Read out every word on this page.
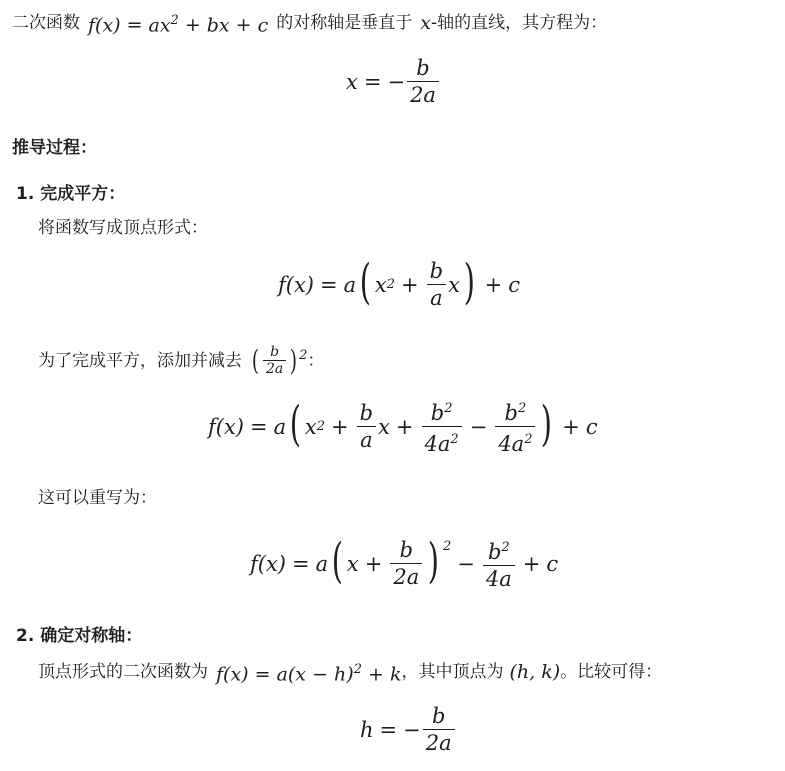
二次函数 $f(x) = ax^2$ + bx + c 的对称轴是垂直于 x -轴的直线，其方程为：
x = − $\frac{b}{2a}$
推导过程：
1. 完成平方：
将函数写成顶点形式：
f(x) = a ( x $2 + \frac{b}{a}$ x ) + c
为了完成平方，添加并减去 ( $\frac{b}{2a} )^2$ ：
f(x) = a ( x $2 + \frac{b}{a}$ $x + \frac{b^2}{4a^2} - \frac{b^2}{4a^2}$ ) + c
这可以重写为：
f(x) = a ( $x + \frac{b}{2a}$ ) $^2$
− $\frac{b^2}{4a} + c$
2. 确定对称轴：
顶点形式的二次函数为 $f(x) = a(x - h)^2 + k$ ，其中顶点为 (h, k) 。比较可得：
h = − $\frac{b}{2a}$
